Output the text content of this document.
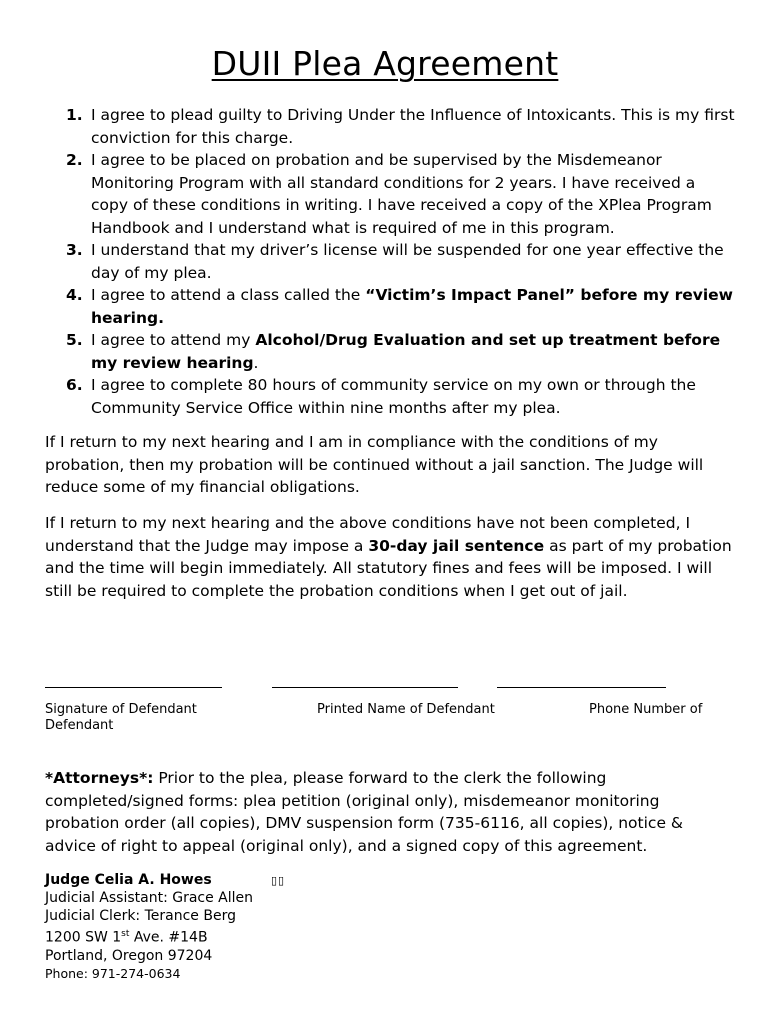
DUII Plea Agreement
1. I agree to plead guilty to Driving Under the Influence of Intoxicants. This is my first conviction for this charge.
2. I agree to be placed on probation and be supervised by the Misdemeanor Monitoring Program with all standard conditions for 2 years. I have received a copy of these conditions in writing. I have received a copy of the XPlea Program Handbook and I understand what is required of me in this program.
3. I understand that my driver’s license will be suspended for one year effective the day of my plea.
4. I agree to attend a class called the “Victim’s Impact Panel” before my review hearing.
5. I agree to attend my Alcohol/Drug Evaluation and set up treatment before my review hearing.
6. I agree to complete 80 hours of community service on my own or through the Community Service Office within nine months after my plea.

If I return to my next hearing and I am in compliance with the conditions of my probation, then my probation will be continued without a jail sanction. The Judge will reduce some of my financial obligations.

If I return to my next hearing and the above conditions have not been completed, I understand that the Judge may impose a 30-day jail sentence as part of my probation and the time will begin immediately. All statutory fines and fees will be imposed. I will still be required to complete the probation conditions when I get out of jail.

Signature of Defendant
Defendant
Printed Name of Defendant	Phone Number of

*Attorneys*: Prior to the plea, please forward to the clerk the following completed/signed forms: plea petition (original only), misdemeanor monitoring probation order (all copies), DMV suspension form (735-6116, all copies), notice & advice of right to appeal (original only), and a signed copy of this agreement.

Judge Celia A. Howes
Judicial Assistant: Grace Allen
Judicial Clerk: Terance Berg
1200 SW 1st Ave. #14B
Portland, Oregon 97204
Phone: 971-274-0634
▯▯
